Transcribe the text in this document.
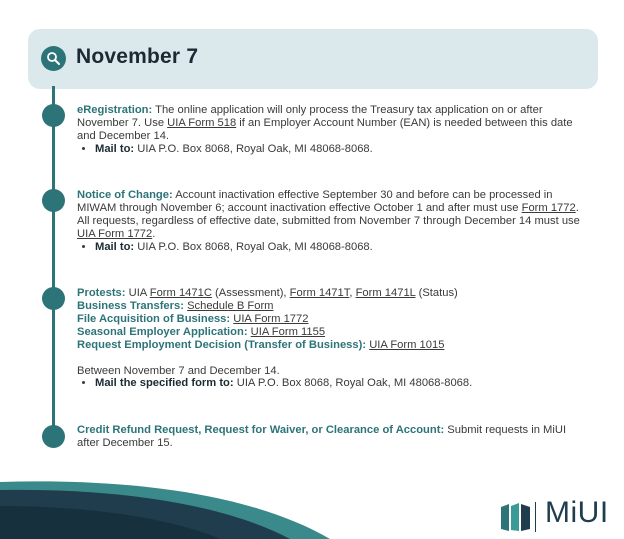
November 7

eRegistration: The online application will only process the Treasury tax application on or after November 7. Use UIA Form 518 if an Employer Account Number (EAN) is needed between this date and December 14.

• Mail to: UIA P.O. Box 8068, Royal Oak, MI 48068-8068.

Notice of Change: Account inactivation effective September 30 and before can be processed in MIWAM through November 6; account inactivation effective October 1 and after must use Form 1772. All requests, regardless of effective date, submitted from November 7 through December 14 must use UIA Form 1772.

• Mail to: UIA P.O. Box 8068, Royal Oak, MI 48068-8068.

Protests: UIA Form 1471C (Assessment), Form 1471T, Form 1471L (Status)

Business Transfers: Schedule B Form

File Acquisition of Business: UIA Form 1772

Seasonal Employer Application: UIA Form 1155

Request Employment Decision (Transfer of Business): UIA Form 1015

Between November 7 and December 14.

• Mail the specified form to: UIA P.O. Box 8068, Royal Oak, MI 48068-8068.

Credit Refund Request, Request for Waiver, or Clearance of Account: Submit requests in MiUI after December 15.

MiUI
